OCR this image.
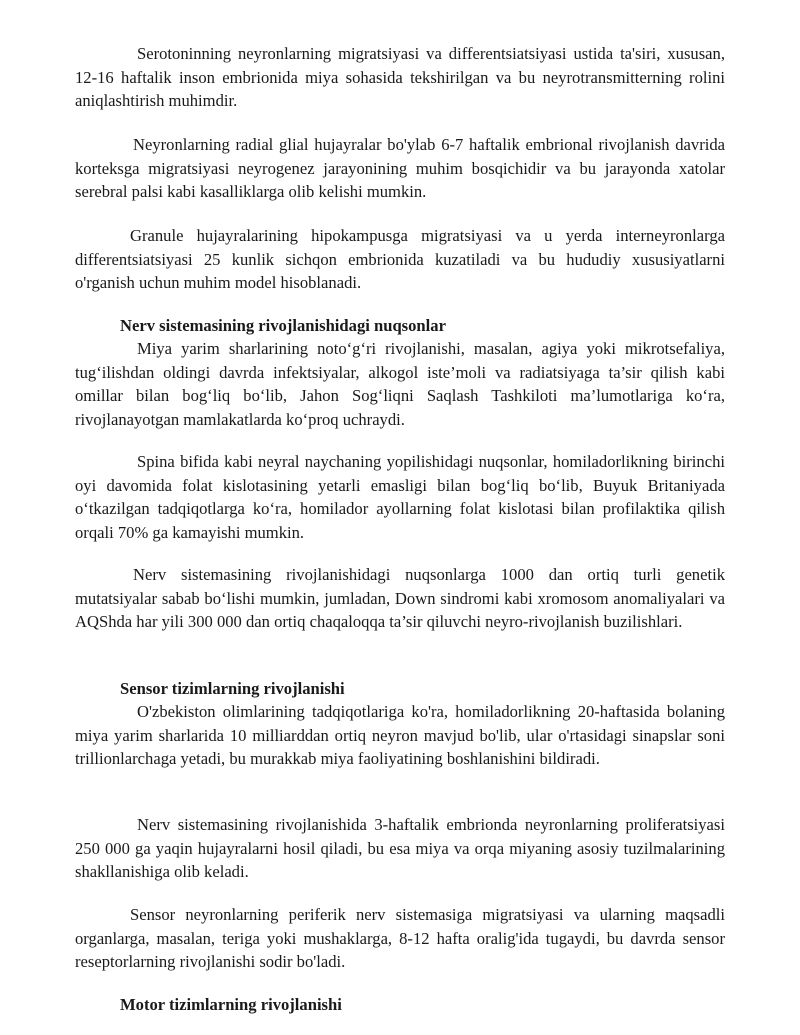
Serotoninning neyronlarning migratsiyasi va differentsiatsiyasi ustida ta'siri, xususan, 12-16 haftalik inson embrionida miya sohasida tekshirilgan va bu neyrotransmitterning rolini aniqlashtirish muhimdir.

Neyronlarning radial glial hujayralar bo'ylab 6-7 haftalik embrional rivojlanish davrida korteksga migratsiyasi neyrogenez jarayonining muhim bosqichidir va bu jarayonda xatolar serebral palsi kabi kasalliklarga olib kelishi mumkin.

Granule hujayralarining hipokampusga migratsiyasi va u yerda interneyronlarga differentsiatsiyasi 25 kunlik sichqon embrionida kuzatiladi va bu hududiy xususiyatlarni o'rganish uchun muhim model hisoblanadi.

Nerv sistemasining rivojlanishidagi nuqsonlar

Miya yarim sharlarining noto‘g‘ri rivojlanishi, masalan, agiya yoki mikrotsefaliya, tug‘ilishdan oldingi davrda infektsiyalar, alkogol iste’moli va radiatsiyaga ta’sir qilish kabi omillar bilan bog‘liq bo‘lib, Jahon Sog‘liqni Saqlash Tashkiloti ma’lumotlariga ko‘ra, rivojlanayotgan mamlakatlarda ko‘proq uchraydi.

Spina bifida kabi neyral naychaning yopilishidagi nuqsonlar, homiladorlikning birinchi oyi davomida folat kislotasining yetarli emasligi bilan bog‘liq bo‘lib, Buyuk Britaniyada o‘tkazilgan tadqiqotlarga ko‘ra, homilador ayollarning folat kislotasi bilan profilaktika qilish orqali 70% ga kamayishi mumkin.

Nerv sistemasining rivojlanishidagi nuqsonlarga 1000 dan ortiq turli genetik mutatsiyalar sabab bo‘lishi mumkin, jumladan, Down sindromi kabi xromosom anomaliyalari va AQShda har yili 300 000 dan ortiq chaqaloqqa ta’sir qiluvchi neyro-rivojlanish buzilishlari.

Sensor tizimlarning rivojlanishi

O'zbekiston olimlarining tadqiqotlariga ko'ra, homiladorlikning 20-haftasida bolaning miya yarim sharlarida 10 milliarddan ortiq neyron mavjud bo'lib, ular o'rtasidagi sinapslar soni trillionlarchaga yetadi, bu murakkab miya faoliyatining boshlanishini bildiradi.

Nerv sistemasining rivojlanishida 3-haftalik embrionda neyronlarning proliferatsiyasi 250 000 ga yaqin hujayralarni hosil qiladi, bu esa miya va orqa miyaning asosiy tuzilmalarining shakllanishiga olib keladi.

Sensor neyronlarning periferik nerv sistemasiga migratsiyasi va ularning maqsadli organlarga, masalan, teriga yoki mushaklarga, 8-12 hafta oralig'ida tugaydi, bu davrda sensor reseptorlarning rivojlanishi sodir bo'ladi.

Motor tizimlarning rivojlanishi
